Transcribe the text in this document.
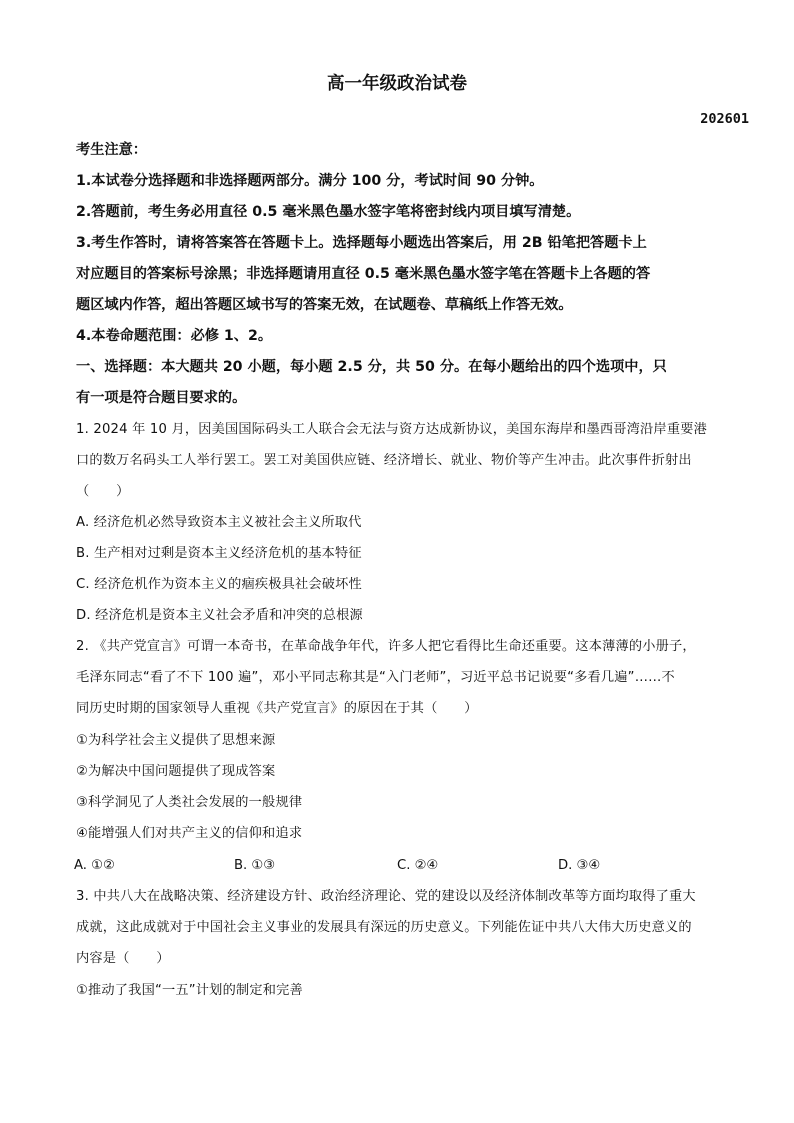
高一年级政治试卷
202601
考生注意：
1.本试卷分选择题和非选择题两部分。满分 100 分，考试时间 90 分钟。
2.答题前，考生务必用直径 0.5 毫米黑色墨水签字笔将密封线内项目填写清楚。
3.考生作答时，请将答案答在答题卡上。选择题每小题选出答案后，用 2B 铅笔把答题卡上
对应题目的答案标号涂黑；非选择题请用直径 0.5 毫米黑色墨水签字笔在答题卡上各题的答
题区域内作答，超出答题区域书写的答案无效，在试题卷、草稿纸上作答无效。
4.本卷命题范围：必修 1、2。
一、选择题：本大题共 20 小题，每小题 2.5 分，共 50 分。在每小题给出的四个选项中，只
有一项是符合题目要求的。
1. 2024 年 10 月，因美国国际码头工人联合会无法与资方达成新协议，美国东海岸和墨西哥湾沿岸重要港
口的数万名码头工人举行罢工。罢工对美国供应链、经济增长、就业、物价等产生冲击。此次事件折射出
（　　）
A. 经济危机必然导致资本主义被社会主义所取代
B. 生产相对过剩是资本主义经济危机的基本特征
C. 经济危机作为资本主义的痼疾极具社会破坏性
D. 经济危机是资本主义社会矛盾和冲突的总根源
2. 《共产党宣言》可谓一本奇书，在革命战争年代，许多人把它看得比生命还重要。这本薄薄的小册子，
毛泽东同志“看了不下 100 遍”，邓小平同志称其是“入门老师”，习近平总书记说要“多看几遍”……不
同历史时期的国家领导人重视《共产党宣言》的原因在于其（　　）
①为科学社会主义提供了思想来源
②为解决中国问题提供了现成答案
③科学洞见了人类社会发展的一般规律
④能增强人们对共产主义的信仰和追求
A. ①②	B. ①③	C. ②④	D. ③④
3. 中共八大在战略决策、经济建设方针、政治经济理论、党的建设以及经济体制改革等方面均取得了重大
成就，这此成就对于中国社会主义事业的发展具有深远的历史意义。下列能佐证中共八大伟大历史意义的
内容是（　　）
①推动了我国“一五”计划的制定和完善
